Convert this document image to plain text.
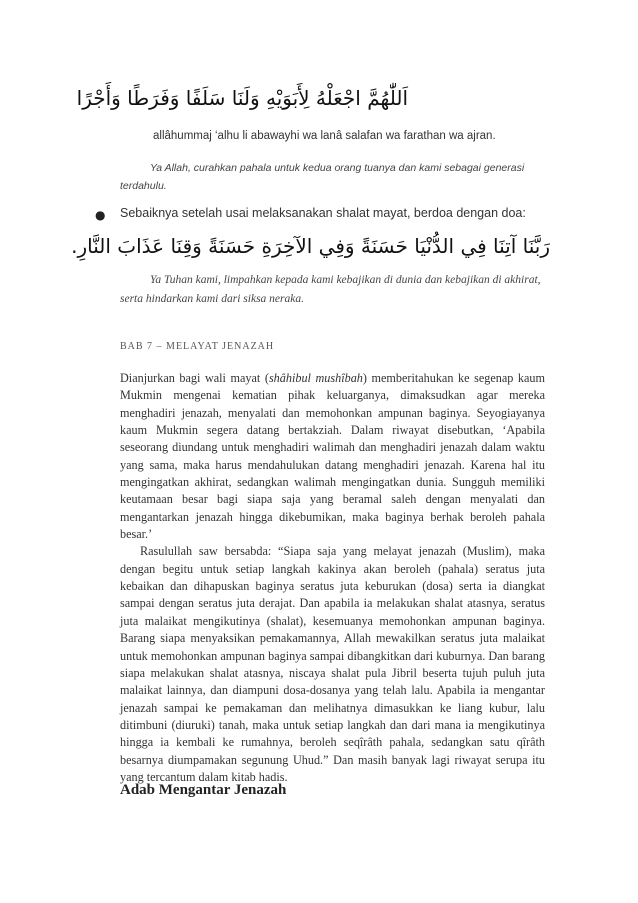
اَللّٰهُمَّ اجْعَلْهُ لِأَبَوَيْهِ وَلَنَا سَلَفًا وَفَرَطًا وَأَجْرًا
allâhummaj ‘alhu li abawayhi wa lanâ salafan wa farathan wa ajran.
Ya Allah, curahkan pahala untuk kedua orang tuanya dan kami sebagai generasi terdahulu.
● Sebaiknya setelah usai melaksanakan shalat mayat, berdoa dengan doa:
رَبَّنَا آتِنَا فِي الدُّنْيَا حَسَنَةً وَفِي الآخِرَةِ حَسَنَةً وَقِنَا عَذَابَ النَّارِ.
Ya Tuhan kami, limpahkan kepada kami kebajikan di dunia dan kebajikan di akhirat, serta hindarkan kami dari siksa neraka.
BAB 7 – MELAYAT JENAZAH

Dianjurkan bagi wali mayat (shâhibul mushîbah) memberitahukan ke segenap kaum Mukmin mengenai kematian pihak keluarganya, dimaksudkan agar mereka menghadiri jenazah, menyalati dan memohonkan ampunan baginya. Seyogiayanya kaum Mukmin segera datang bertakziah. Dalam riwayat disebutkan, ‘Apabila seseorang diundang untuk menghadiri walimah dan menghadiri jenazah dalam waktu yang sama, maka harus mendahulukan datang menghadiri jenazah. Karena hal itu mengingatkan akhirat, sedangkan walimah mengingatkan dunia. Sungguh memiliki keutamaan besar bagi siapa saja yang beramal saleh dengan menyalati dan mengantarkan jenazah hingga dikebumikan, maka baginya berhak beroleh pahala besar.’

Rasulullah saw bersabda: “Siapa saja yang melayat jenazah (Muslim), maka dengan begitu untuk setiap langkah kakinya akan beroleh (pahala) seratus juta kebaikan dan dihapuskan baginya seratus juta keburukan (dosa) serta ia diangkat sampai dengan seratus juta derajat. Dan apabila ia melakukan shalat atasnya, seratus juta malaikat mengikutinya (shalat), kesemuanya memohonkan ampunan baginya. Barang siapa menyaksikan pemakamannya, Allah mewakilkan seratus juta malaikat untuk memohonkan ampunan baginya sampai dibangkitkan dari kuburnya. Dan barang siapa melakukan shalat atasnya, niscaya shalat pula Jibril beserta tujuh puluh juta malaikat lainnya, dan diampuni dosa-dosanya yang telah lalu. Apabila ia mengantar jenazah sampai ke pemakaman dan melihatnya dimasukkan ke liang kubur, lalu ditimbuni (diuruki) tanah, maka untuk setiap langkah dan dari mana ia mengikutinya hingga ia kembali ke rumahnya, beroleh seqîrâth pahala, sedangkan satu qîrâth besarnya diumpamakan segunung Uhud.” Dan masih banyak lagi riwayat serupa itu yang tercantum dalam kitab hadis.

Adab Mengantar Jenazah
